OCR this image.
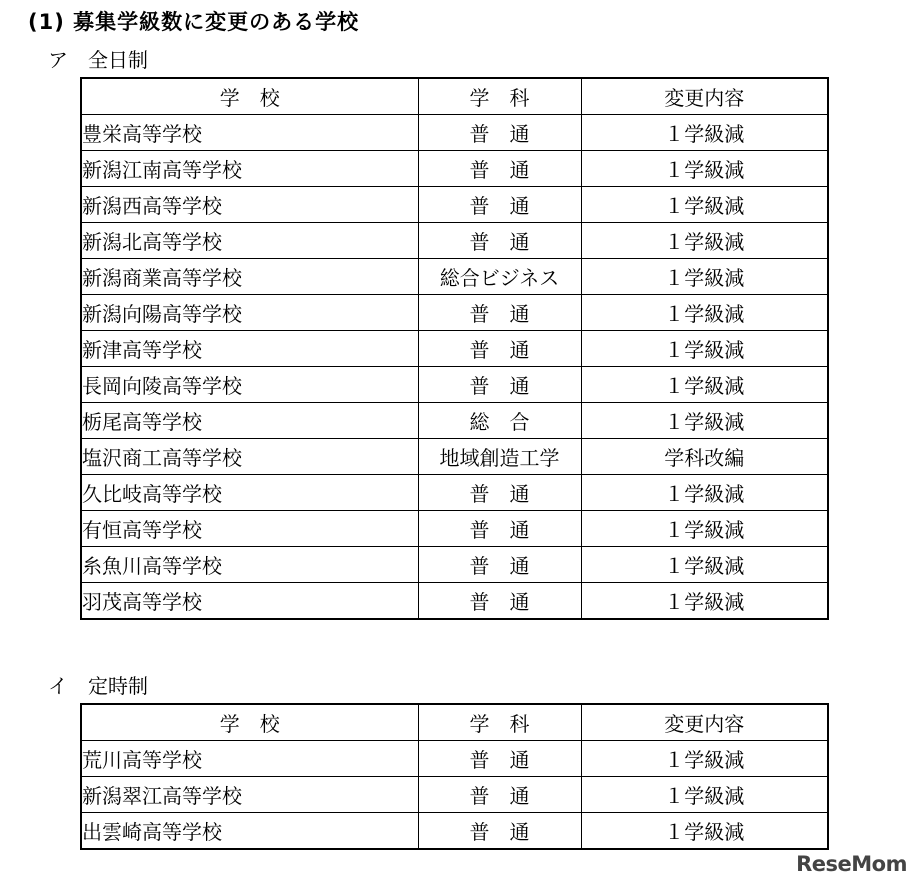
(1) 募集学級数に変更のある学校
ア　全日制
学　校	学　科	変更内容
豊栄高等学校	普　通	１学級減
新潟江南高等学校	普　通	１学級減
新潟西高等学校	普　通	１学級減
新潟北高等学校	普　通	１学級減
新潟商業高等学校	総合ビジネス	１学級減
新潟向陽高等学校	普　通	１学級減
新津高等学校	普　通	１学級減
長岡向陵高等学校	普　通	１学級減
栃尾高等学校	総　合	１学級減
塩沢商工高等学校	地域創造工学	学科改編
久比岐高等学校	普　通	１学級減
有恒高等学校	普　通	１学級減
糸魚川高等学校	普　通	１学級減
羽茂高等学校	普　通	１学級減
イ　定時制
学　校	学　科	変更内容
荒川高等学校	普　通	１学級減
新潟翠江高等学校	普　通	１学級減
出雲崎高等学校	普　通	１学級減
ReseMom
